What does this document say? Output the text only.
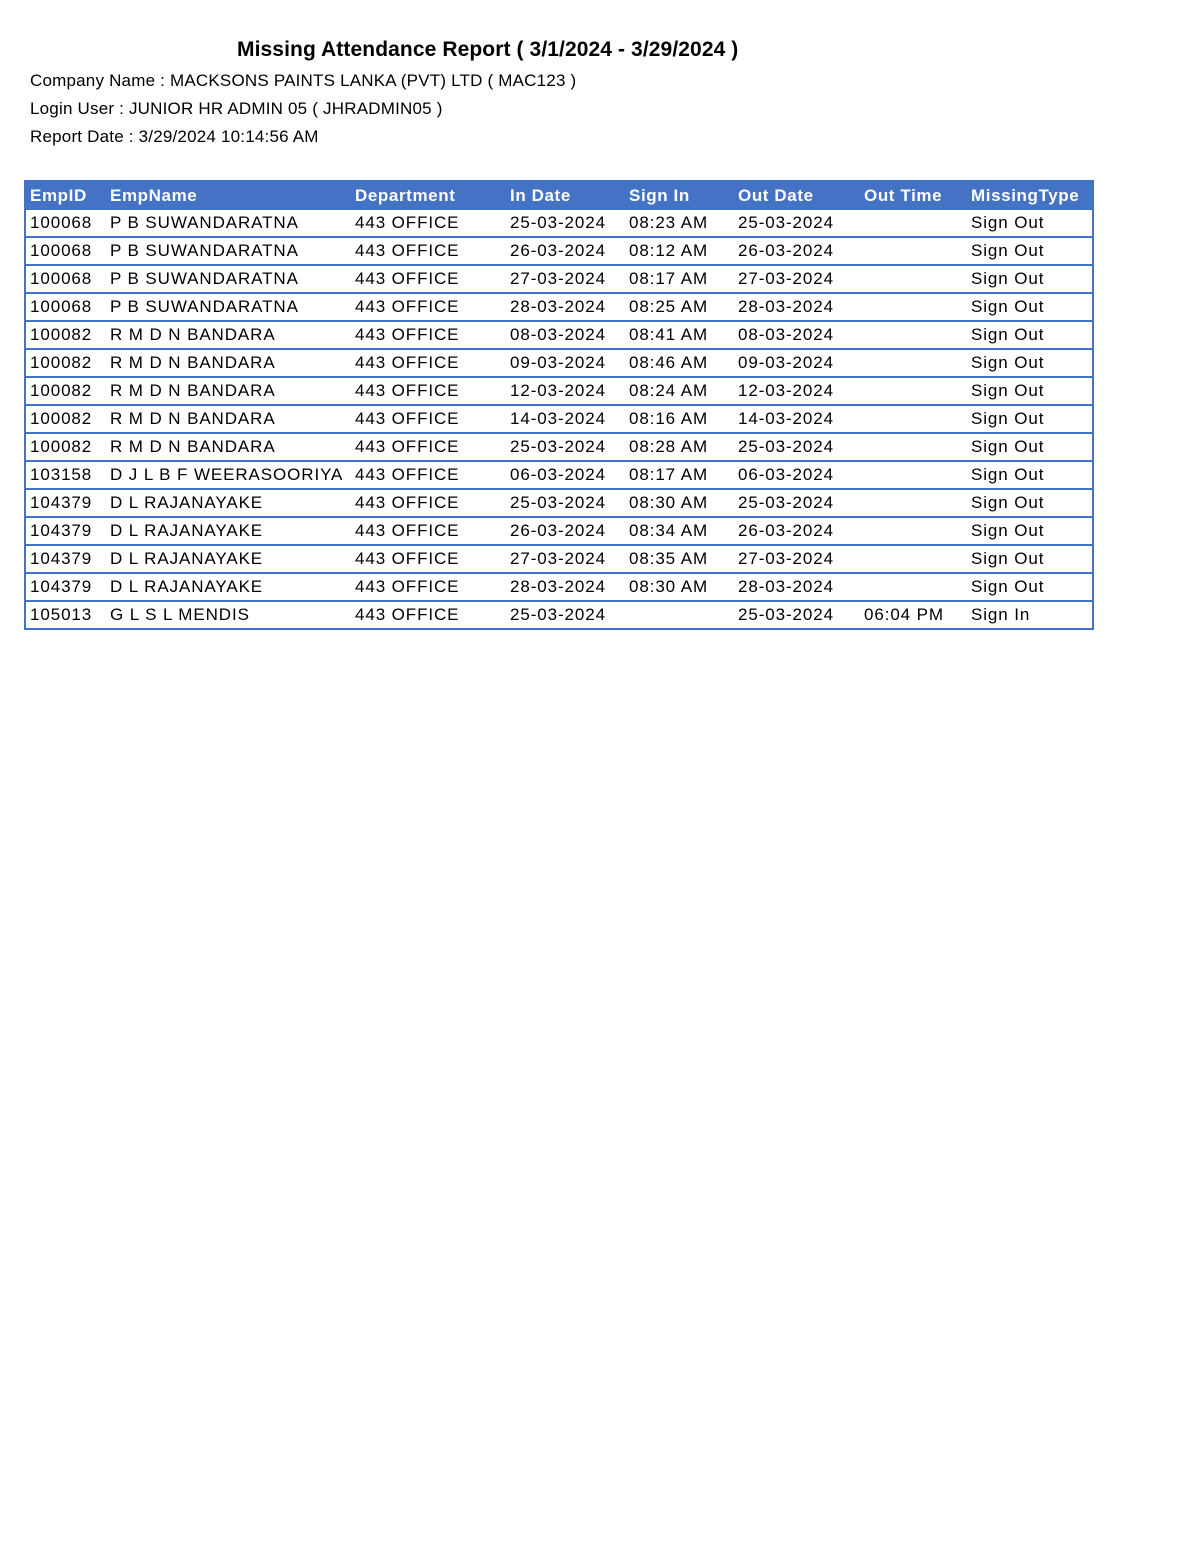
Missing Attendance Report ( 3/1/2024 - 3/29/2024 )
Company Name : MACKSONS PAINTS LANKA (PVT) LTD ( MAC123 )
Login User : JUNIOR HR ADMIN 05 ( JHRADMIN05 )
Report Date : 3/29/2024 10:14:56 AM
EmpID	EmpName	Department	In Date	Sign In	Out Date	Out Time	MissingType
100068	P B SUWANDARATNA	443 OFFICE	25-03-2024	08:23 AM	25-03-2024		Sign Out
100068	P B SUWANDARATNA	443 OFFICE	26-03-2024	08:12 AM	26-03-2024		Sign Out
100068	P B SUWANDARATNA	443 OFFICE	27-03-2024	08:17 AM	27-03-2024		Sign Out
100068	P B SUWANDARATNA	443 OFFICE	28-03-2024	08:25 AM	28-03-2024		Sign Out
100082	R M D N BANDARA	443 OFFICE	08-03-2024	08:41 AM	08-03-2024		Sign Out
100082	R M D N BANDARA	443 OFFICE	09-03-2024	08:46 AM	09-03-2024		Sign Out
100082	R M D N BANDARA	443 OFFICE	12-03-2024	08:24 AM	12-03-2024		Sign Out
100082	R M D N BANDARA	443 OFFICE	14-03-2024	08:16 AM	14-03-2024		Sign Out
100082	R M D N BANDARA	443 OFFICE	25-03-2024	08:28 AM	25-03-2024		Sign Out
103158	D J L B F WEERASOORIYA	443 OFFICE	06-03-2024	08:17 AM	06-03-2024		Sign Out
104379	D L RAJANAYAKE	443 OFFICE	25-03-2024	08:30 AM	25-03-2024		Sign Out
104379	D L RAJANAYAKE	443 OFFICE	26-03-2024	08:34 AM	26-03-2024		Sign Out
104379	D L RAJANAYAKE	443 OFFICE	27-03-2024	08:35 AM	27-03-2024		Sign Out
104379	D L RAJANAYAKE	443 OFFICE	28-03-2024	08:30 AM	28-03-2024		Sign Out
105013	G L S L MENDIS	443 OFFICE	25-03-2024		25-03-2024	06:04 PM	Sign In
